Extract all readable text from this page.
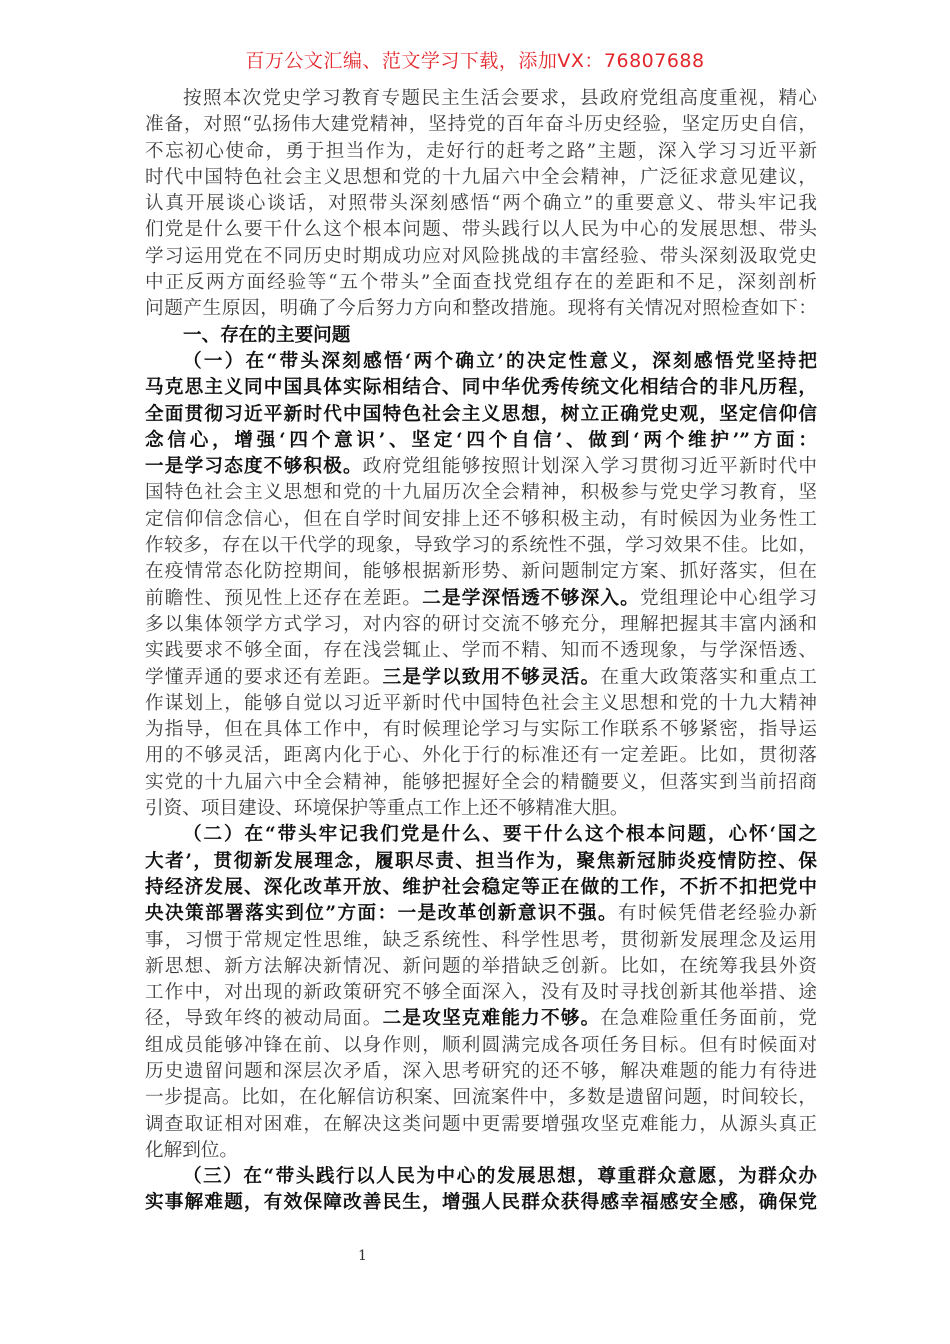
百万公文汇编、范文学习下载，添加VX：76807688
按照本次党史学习教育专题民主生活会要求，县政府党组高度重视，精心
准备，对照“弘扬伟大建党精神，坚持党的百年奋斗历史经验，坚定历史自信，
不忘初心使命，勇于担当作为，走好行的赶考之路”主题，深入学习习近平新
时代中国特色社会主义思想和党的十九届六中全会精神，广泛征求意见建议，
认真开展谈心谈话，对照带头深刻感悟“两个确立”的重要意义、带头牢记我
们党是什么要干什么这个根本问题、带头践行以人民为中心的发展思想、带头
学习运用党在不同历史时期成功应对风险挑战的丰富经验、带头深刻汲取党史
中正反两方面经验等“五个带头”全面查找党组存在的差距和不足，深刻剖析
问题产生原因，明确了今后努力方向和整改措施。现将有关情况对照检查如下：
一、存在的主要问题
（一）在“带头深刻感悟‘两个确立’的决定性意义，深刻感悟党坚持把
马克思主义同中国具体实际相结合、同中华优秀传统文化相结合的非凡历程，
全面贯彻习近平新时代中国特色社会主义思想，树立正确党史观，坚定信仰信
念信心，增强‘四个意识’、坚定‘四个自信’、做到‘两个维护’”方面：
一是学习态度不够积极。政府党组能够按照计划深入学习贯彻习近平新时代中
国特色社会主义思想和党的十九届历次全会精神，积极参与党史学习教育，坚
定信仰信念信心，但在自学时间安排上还不够积极主动，有时候因为业务性工
作较多，存在以干代学的现象，导致学习的系统性不强，学习效果不佳。比如，
在疫情常态化防控期间，能够根据新形势、新问题制定方案、抓好落实，但在
前瞻性、预见性上还存在差距。二是学深悟透不够深入。党组理论中心组学习
多以集体领学方式学习，对内容的研讨交流不够充分，理解把握其丰富内涵和
实践要求不够全面，存在浅尝辄止、学而不精、知而不透现象，与学深悟透、
学懂弄通的要求还有差距。三是学以致用不够灵活。在重大政策落实和重点工
作谋划上，能够自觉以习近平新时代中国特色社会主义思想和党的十九大精神
为指导，但在具体工作中，有时候理论学习与实际工作联系不够紧密，指导运
用的不够灵活，距离内化于心、外化于行的标准还有一定差距。比如，贯彻落
实党的十九届六中全会精神，能够把握好全会的精髓要义，但落实到当前招商
引资、项目建设、环境保护等重点工作上还不够精准大胆。
（二）在“带头牢记我们党是什么、要干什么这个根本问题，心怀‘国之
大者’，贯彻新发展理念，履职尽责、担当作为，聚焦新冠肺炎疫情防控、保
持经济发展、深化改革开放、维护社会稳定等正在做的工作，不折不扣把党中
央决策部署落实到位”方面：一是改革创新意识不强。有时候凭借老经验办新
事，习惯于常规定性思维，缺乏系统性、科学性思考，贯彻新发展理念及运用
新思想、新方法解决新情况、新问题的举措缺乏创新。比如，在统筹我县外资
工作中，对出现的新政策研究不够全面深入，没有及时寻找创新其他举措、途
径，导致年终的被动局面。二是攻坚克难能力不够。在急难险重任务面前，党
组成员能够冲锋在前、以身作则，顺利圆满完成各项任务目标。但有时候面对
历史遗留问题和深层次矛盾，深入思考研究的还不够，解决难题的能力有待进
一步提高。比如，在化解信访积案、回流案件中，多数是遗留问题，时间较长，
调查取证相对困难，在解决这类问题中更需要增强攻坚克难能力，从源头真正
化解到位。
（三）在“带头践行以人民为中心的发展思想，尊重群众意愿，为群众办
实事解难题，有效保障改善民生，增强人民群众获得感幸福感安全感，确保党
1
